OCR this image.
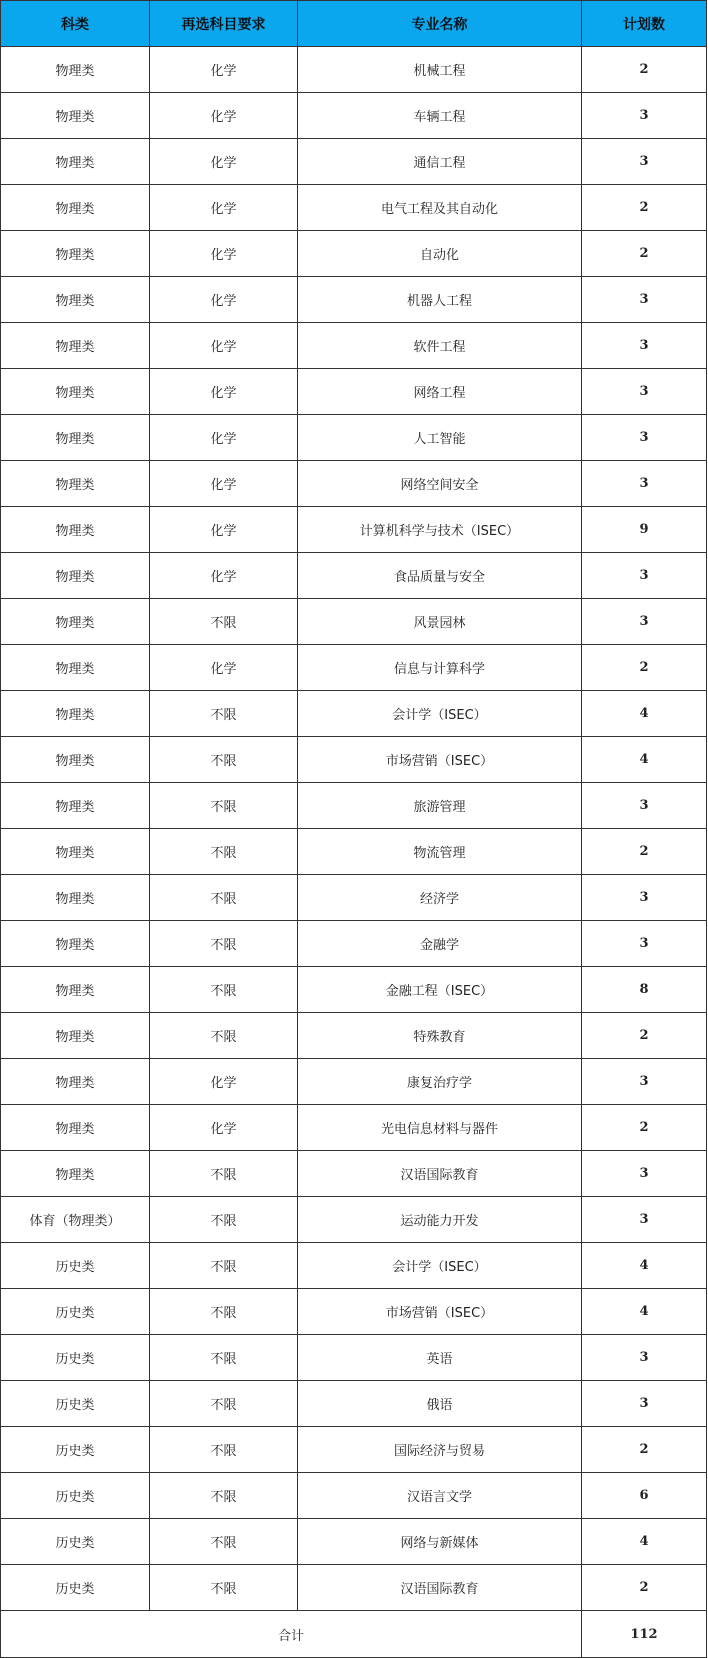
科类	再选科目要求	专业名称	计划数
物理类	化学	机械工程	2
物理类	化学	车辆工程	3
物理类	化学	通信工程	3
物理类	化学	电气工程及其自动化	2
物理类	化学	自动化	2
物理类	化学	机器人工程	3
物理类	化学	软件工程	3
物理类	化学	网络工程	3
物理类	化学	人工智能	3
物理类	化学	网络空间安全	3
物理类	化学	计算机科学与技术（ISEC）	9
物理类	化学	食品质量与安全	3
物理类	不限	风景园林	3
物理类	化学	信息与计算科学	2
物理类	不限	会计学（ISEC）	4
物理类	不限	市场营销（ISEC）	4
物理类	不限	旅游管理	3
物理类	不限	物流管理	2
物理类	不限	经济学	3
物理类	不限	金融学	3
物理类	不限	金融工程（ISEC）	8
物理类	不限	特殊教育	2
物理类	化学	康复治疗学	3
物理类	化学	光电信息材料与器件	2
物理类	不限	汉语国际教育	3
体育（物理类）	不限	运动能力开发	3
历史类	不限	会计学（ISEC）	4
历史类	不限	市场营销（ISEC）	4
历史类	不限	英语	3
历史类	不限	俄语	3
历史类	不限	国际经济与贸易	2
历史类	不限	汉语言文学	6
历史类	不限	网络与新媒体	4
历史类	不限	汉语国际教育	2
合计			112
